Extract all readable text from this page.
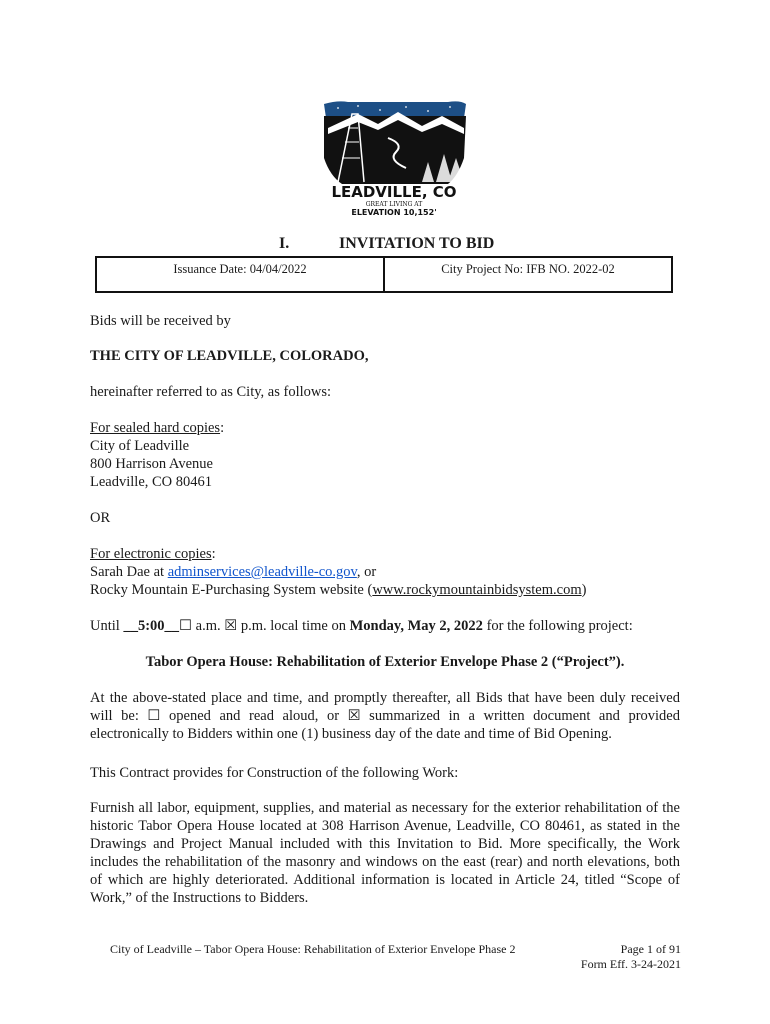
LEADVILLE, CO
GREAT LIVING AT
ELEVATION 10,152'
I.	INVITATION TO BID
Issuance Date: 04/04/2022	City Project No: IFB NO. 2022-02

Bids will be received by

THE CITY OF LEADVILLE, COLORADO,

hereinafter referred to as City, as follows:

For sealed hard copies:

City of Leadville

800 Harrison Avenue

Leadville, CO 80461

OR

For electronic copies:

Sarah Dae at adminservices@leadville-co.gov, or

Rocky Mountain E-Purchasing System website (www.rockymountainbidsystem.com)

Until __5:00__☐ a.m. ☒ p.m. local time on Monday, May 2, 2022 for the following project:

Tabor Opera House: Rehabilitation of Exterior Envelope Phase 2 (“Project”).

At the above-stated place and time, and promptly thereafter, all Bids that have been duly received will be: ☐ opened and read aloud, or ☒ summarized in a written document and provided electronically to Bidders within one (1) business day of the date and time of Bid Opening.

This Contract provides for Construction of the following Work:

Furnish all labor, equipment, supplies, and material as necessary for the exterior rehabilitation of the historic Tabor Opera House located at 308 Harrison Avenue, Leadville, CO 80461, as stated in the Drawings and Project Manual included with this Invitation to Bid. More specifically, the Work includes the rehabilitation of the masonry and windows on the east (rear) and north elevations, both of which are highly deteriorated. Additional information is located in Article 24, titled “Scope of Work,” of the Instructions to Bidders.

City of Leadville – Tabor Opera House: Rehabilitation of Exterior Envelope Phase 2	Page 1 of 91
Form Eff. 3-24-2021
